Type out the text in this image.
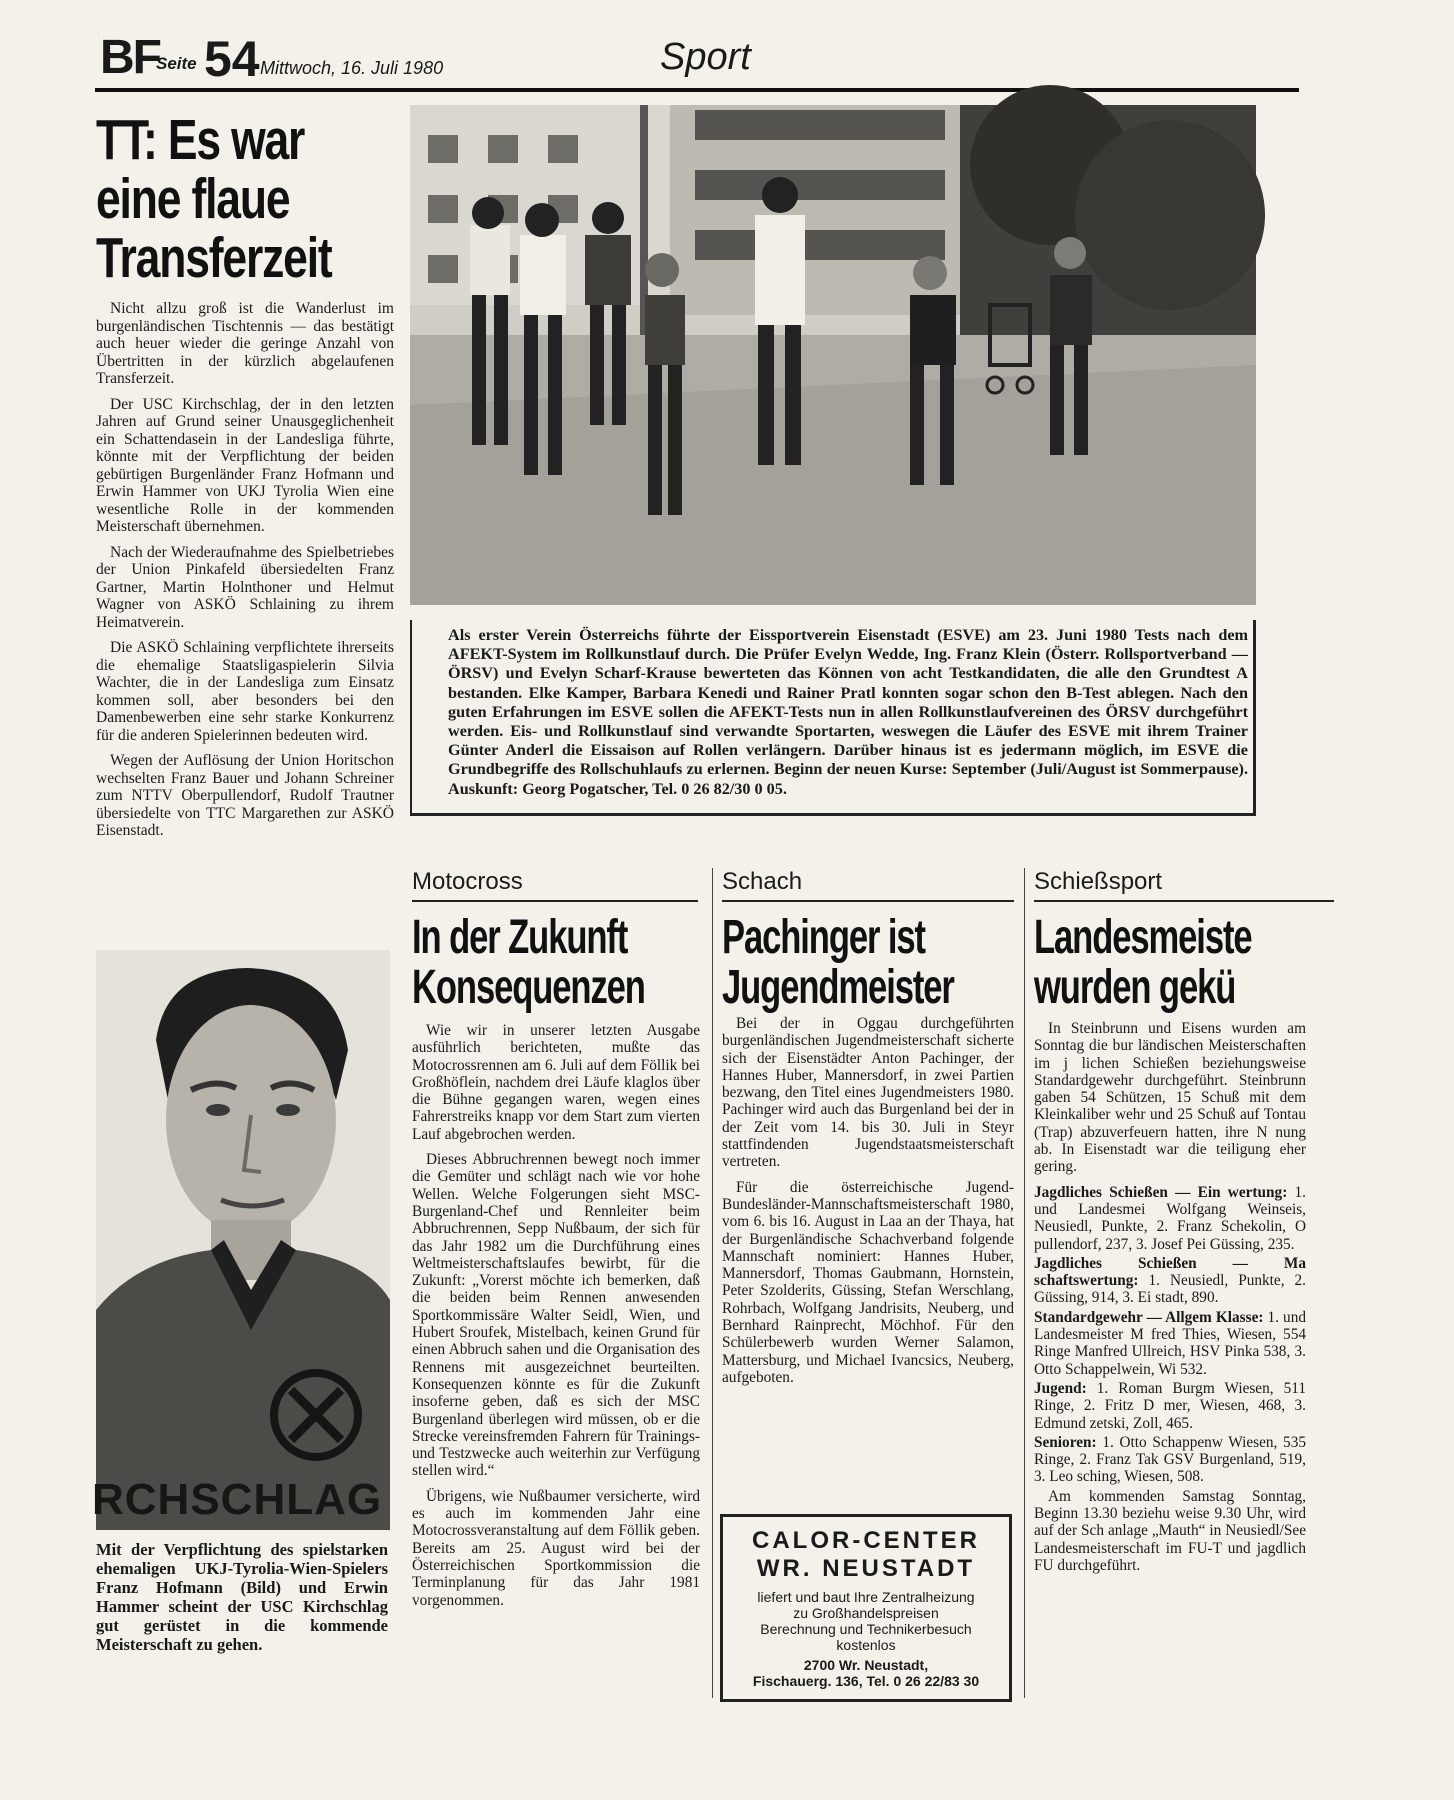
BF
Seite 54 Mittwoch, 16. Juli 1980	Sport
TT: Es war
eine flaue
Transferzeit

Nicht allzu groß ist die Wanderlust im burgenländischen Tischtennis — das bestätigt auch heuer wieder die geringe Anzahl von Übertritten in der kürzlich abgelaufenen Transferzeit.

Der USC Kirchschlag, der in den letzten Jahren auf Grund seiner Unausgeglichenheit ein Schattendasein in der Landesliga führte, könnte mit der Verpflichtung der beiden gebürtigen Burgenländer Franz Hofmann und Erwin Hammer von UKJ Tyrolia Wien eine wesentliche Rolle in der kommenden Meisterschaft übernehmen.

Nach der Wiederaufnahme des Spielbetriebes der Union Pinkafeld übersiedelten Franz Gartner, Martin Holnthoner und Helmut Wagner von ASKÖ Schlaining zu ihrem Heimatverein.

Die ASKÖ Schlaining verpflichtete ihrerseits die ehemalige Staatsligaspielerin Silvia Wachter, die in der Landesliga zum Einsatz kommen soll, aber besonders bei den Damenbewerben eine sehr starke Konkurrenz für die anderen Spielerinnen bedeuten wird.

Wegen der Auflösung der Union Horitschon wechselten Franz Bauer und Johann Schreiner zum NTTV Oberpullendorf, Rudolf Trautner übersiedelte von TTC Margarethen zur ASKÖ Eisenstadt.

RCHSCHLAG
Mit der Verpflichtung des spielstarken ehemaligen UKJ-Tyrolia-Wien-Spielers Franz Hofmann (Bild) und Erwin Hammer scheint der USC Kirchschlag gut gerüstet in die kommende Meisterschaft zu gehen.
Als erster Verein Österreichs führte der Eissportverein Eisenstadt (ESVE) am 23. Juni 1980 Tests nach dem AFEKT-System im Rollkunstlauf durch. Die Prüfer Evelyn Wedde, Ing. Franz Klein (Österr. Rollsportverband — ÖRSV) und Evelyn Scharf-Krause bewerteten das Können von acht Testkandidaten, die alle den Grundtest A bestanden. Elke Kamper, Barbara Kenedi und Rainer Pratl konnten sogar schon den B-Test ablegen. Nach den guten Erfahrungen im ESVE sollen die AFEKT-Tests nun in allen Rollkunstlaufvereinen des ÖRSV durchgeführt werden. Eis- und Rollkunstlauf sind verwandte Sportarten, weswegen die Läufer des ESVE mit ihrem Trainer Günter Anderl die Eissaison auf Rollen verlängern. Darüber hinaus ist es jedermann möglich, im ESVE die Grundbegriffe des Rollschuhlaufs zu erlernen. Beginn der neuen Kurse: September (Juli/August ist Sommerpause). Auskunft: Georg Pogatscher, Tel. 0 26 82/30 0 05.
Motocross
In der Zukunft
Konsequenzen

Wie wir in unserer letzten Ausgabe ausführlich berichteten, mußte das Motocrossrennen am 6. Juli auf dem Föllik bei Großhöflein, nachdem drei Läufe klaglos über die Bühne gegangen waren, wegen eines Fahrerstreiks knapp vor dem Start zum vierten Lauf abgebrochen werden.

Dieses Abbruchrennen bewegt noch immer die Gemüter und schlägt nach wie vor hohe Wellen. Welche Folgerungen sieht MSC-Burgenland-Chef und Rennleiter beim Abbruchrennen, Sepp Nußbaum, der sich für das Jahr 1982 um die Durchführung eines Weltmeisterschaftslaufes bewirbt, für die Zukunft: „Vorerst möchte ich bemerken, daß die beiden beim Rennen anwesenden Sportkommissäre Walter Seidl, Wien, und Hubert Sroufek, Mistelbach, keinen Grund für einen Abbruch sahen und die Organisation des Rennens mit ausgezeichnet beurteilten. Konsequenzen könnte es für die Zukunft insoferne geben, daß es sich der MSC Burgenland überlegen wird müssen, ob er die Strecke vereinsfremden Fahrern für Trainings- und Testzwecke auch weiterhin zur Verfügung stellen wird.“

Übrigens, wie Nußbaumer versicherte, wird es auch im kommenden Jahr eine Motocrossveranstaltung auf dem Föllik geben. Bereits am 25. August wird bei der Österreichischen Sportkommission die Terminplanung für das Jahr 1981 vorgenommen.

Schach
Pachinger ist
Jugendmeister

Bei der in Oggau durchgeführten burgenländischen Jugendmeisterschaft sicherte sich der Eisenstädter Anton Pachinger, der Hannes Huber, Mannersdorf, in zwei Partien bezwang, den Titel eines Jugendmeisters 1980. Pachinger wird auch das Burgenland bei der in der Zeit vom 14. bis 30. Juli in Steyr stattfindenden Jugendstaatsmeisterschaft vertreten.

Für die österreichische Jugend-Bundesländer-Mannschaftsmeisterschaft 1980, vom 6. bis 16. August in Laa an der Thaya, hat der Burgenländische Schachverband folgende Mannschaft nominiert: Hannes Huber, Mannersdorf, Thomas Gaubmann, Hornstein, Peter Szolderits, Güssing, Stefan Werschlang, Rohrbach, Wolfgang Jandrisits, Neuberg, und Bernhard Rainprecht, Möchhof. Für den Schülerbewerb wurden Werner Salamon, Mattersburg, und Michael Ivancsics, Neuberg, aufgeboten.

CALOR-CENTER
WR. NEUSTADT
liefert und baut Ihre Zentralheizung
zu Großhandelspreisen
Berechnung und Technikerbesuch
kostenlos
2700 Wr. Neustadt,
Fischauerg. 136, Tel. 0 26 22/83 30
Schießsport
Landesmeiste
wurden gekü

In Steinbrunn und Eisens wurden am Sonntag die bur ländischen Meisterschaften im j lichen Schießen beziehungsweise Standardgewehr durchgeführt. Steinbrunn gaben 54 Schützen, 15 Schuß mit dem Kleinkaliber wehr und 25 Schuß auf Tontau (Trap) abzuverfeuern hatten, ihre N nung ab. In Eisenstadt war die teiligung eher gering.

Jagdliches Schießen — Ein wertung: 1. und Landesmei Wolfgang Weinseis, Neusiedl, Punkte, 2. Franz Schekolin, O pullendorf, 237, 3. Josef Pei Güssing, 235.

Jagdliches Schießen — Ma schaftswertung: 1. Neusiedl, Punkte, 2. Güssing, 914, 3. Ei stadt, 890.

Standardgewehr — Allgem Klasse: 1. und Landesmeister M fred Thies, Wiesen, 554 Ringe Manfred Ullreich, HSV Pinka 538, 3. Otto Schappelwein, Wi 532.

Jugend: 1. Roman Burgm Wiesen, 511 Ringe, 2. Fritz D mer, Wiesen, 468, 3. Edmund zetski, Zoll, 465.

Senioren: 1. Otto Schappenw Wiesen, 535 Ringe, 2. Franz Tak GSV Burgenland, 519, 3. Leo sching, Wiesen, 508.

Am kommenden Samstag Sonntag, Beginn 13.30 beziehu weise 9.30 Uhr, wird auf der Sch anlage „Mauth“ in Neusiedl/See Landesmeisterschaft im FU-T und jagdlich FU durchgeführt.
